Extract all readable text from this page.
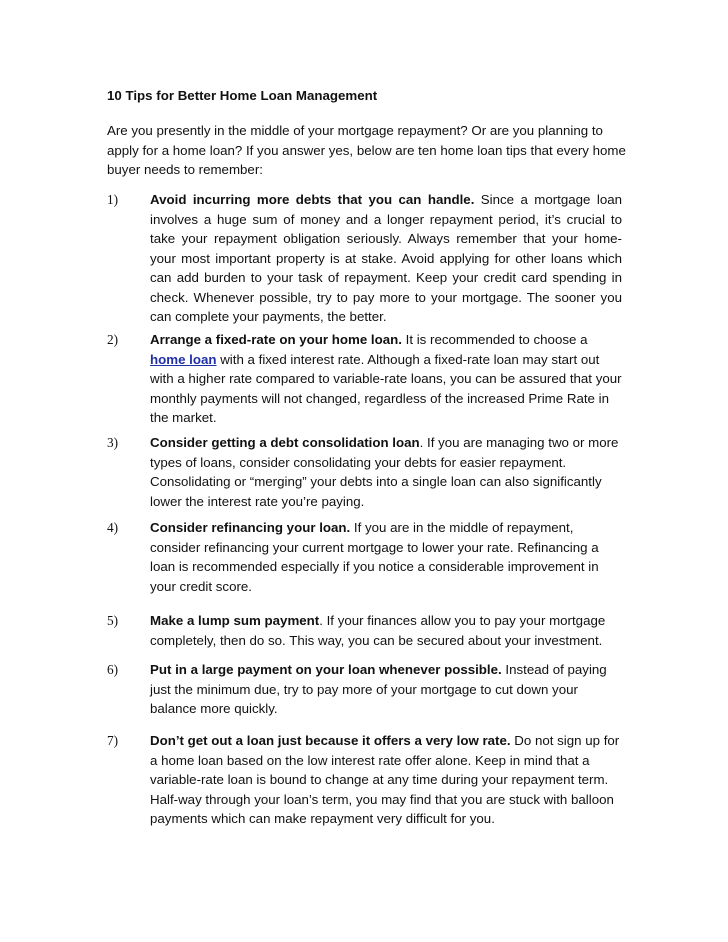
10 Tips for Better Home Loan Management
Are you presently in the middle of your mortgage repayment? Or are you planning to apply for a home loan? If you answer yes, below are ten home loan tips that every home buyer needs to remember:
1) Avoid incurring more debts that you can handle. Since a mortgage loan involves a huge sum of money and a longer repayment period, it’s crucial to take your repayment obligation seriously. Always remember that your home- your most important property is at stake. Avoid applying for other loans which can add burden to your task of repayment. Keep your credit card spending in check. Whenever possible, try to pay more to your mortgage. The sooner you can complete your payments, the better.
2) Arrange a fixed-rate on your home loan. It is recommended to choose a home loan with a fixed interest rate. Although a fixed-rate loan may start out with a higher rate compared to variable-rate loans, you can be assured that your monthly payments will not changed, regardless of the increased Prime Rate in the market.
3) Consider getting a debt consolidation loan. If you are managing two or more types of loans, consider consolidating your debts for easier repayment. Consolidating or “merging” your debts into a single loan can also significantly lower the interest rate you’re paying.
4) Consider refinancing your loan. If you are in the middle of repayment, consider refinancing your current mortgage to lower your rate. Refinancing a loan is recommended especially if you notice a considerable improvement in your credit score.
5) Make a lump sum payment. If your finances allow you to pay your mortgage completely, then do so. This way, you can be secured about your investment.
6) Put in a large payment on your loan whenever possible. Instead of paying just the minimum due, try to pay more of your mortgage to cut down your balance more quickly.
7) Don’t get out a loan just because it offers a very low rate. Do not sign up for a home loan based on the low interest rate offer alone. Keep in mind that a variable-rate loan is bound to change at any time during your repayment term. Half-way through your loan’s term, you may find that you are stuck with balloon payments which can make repayment very difficult for you.
